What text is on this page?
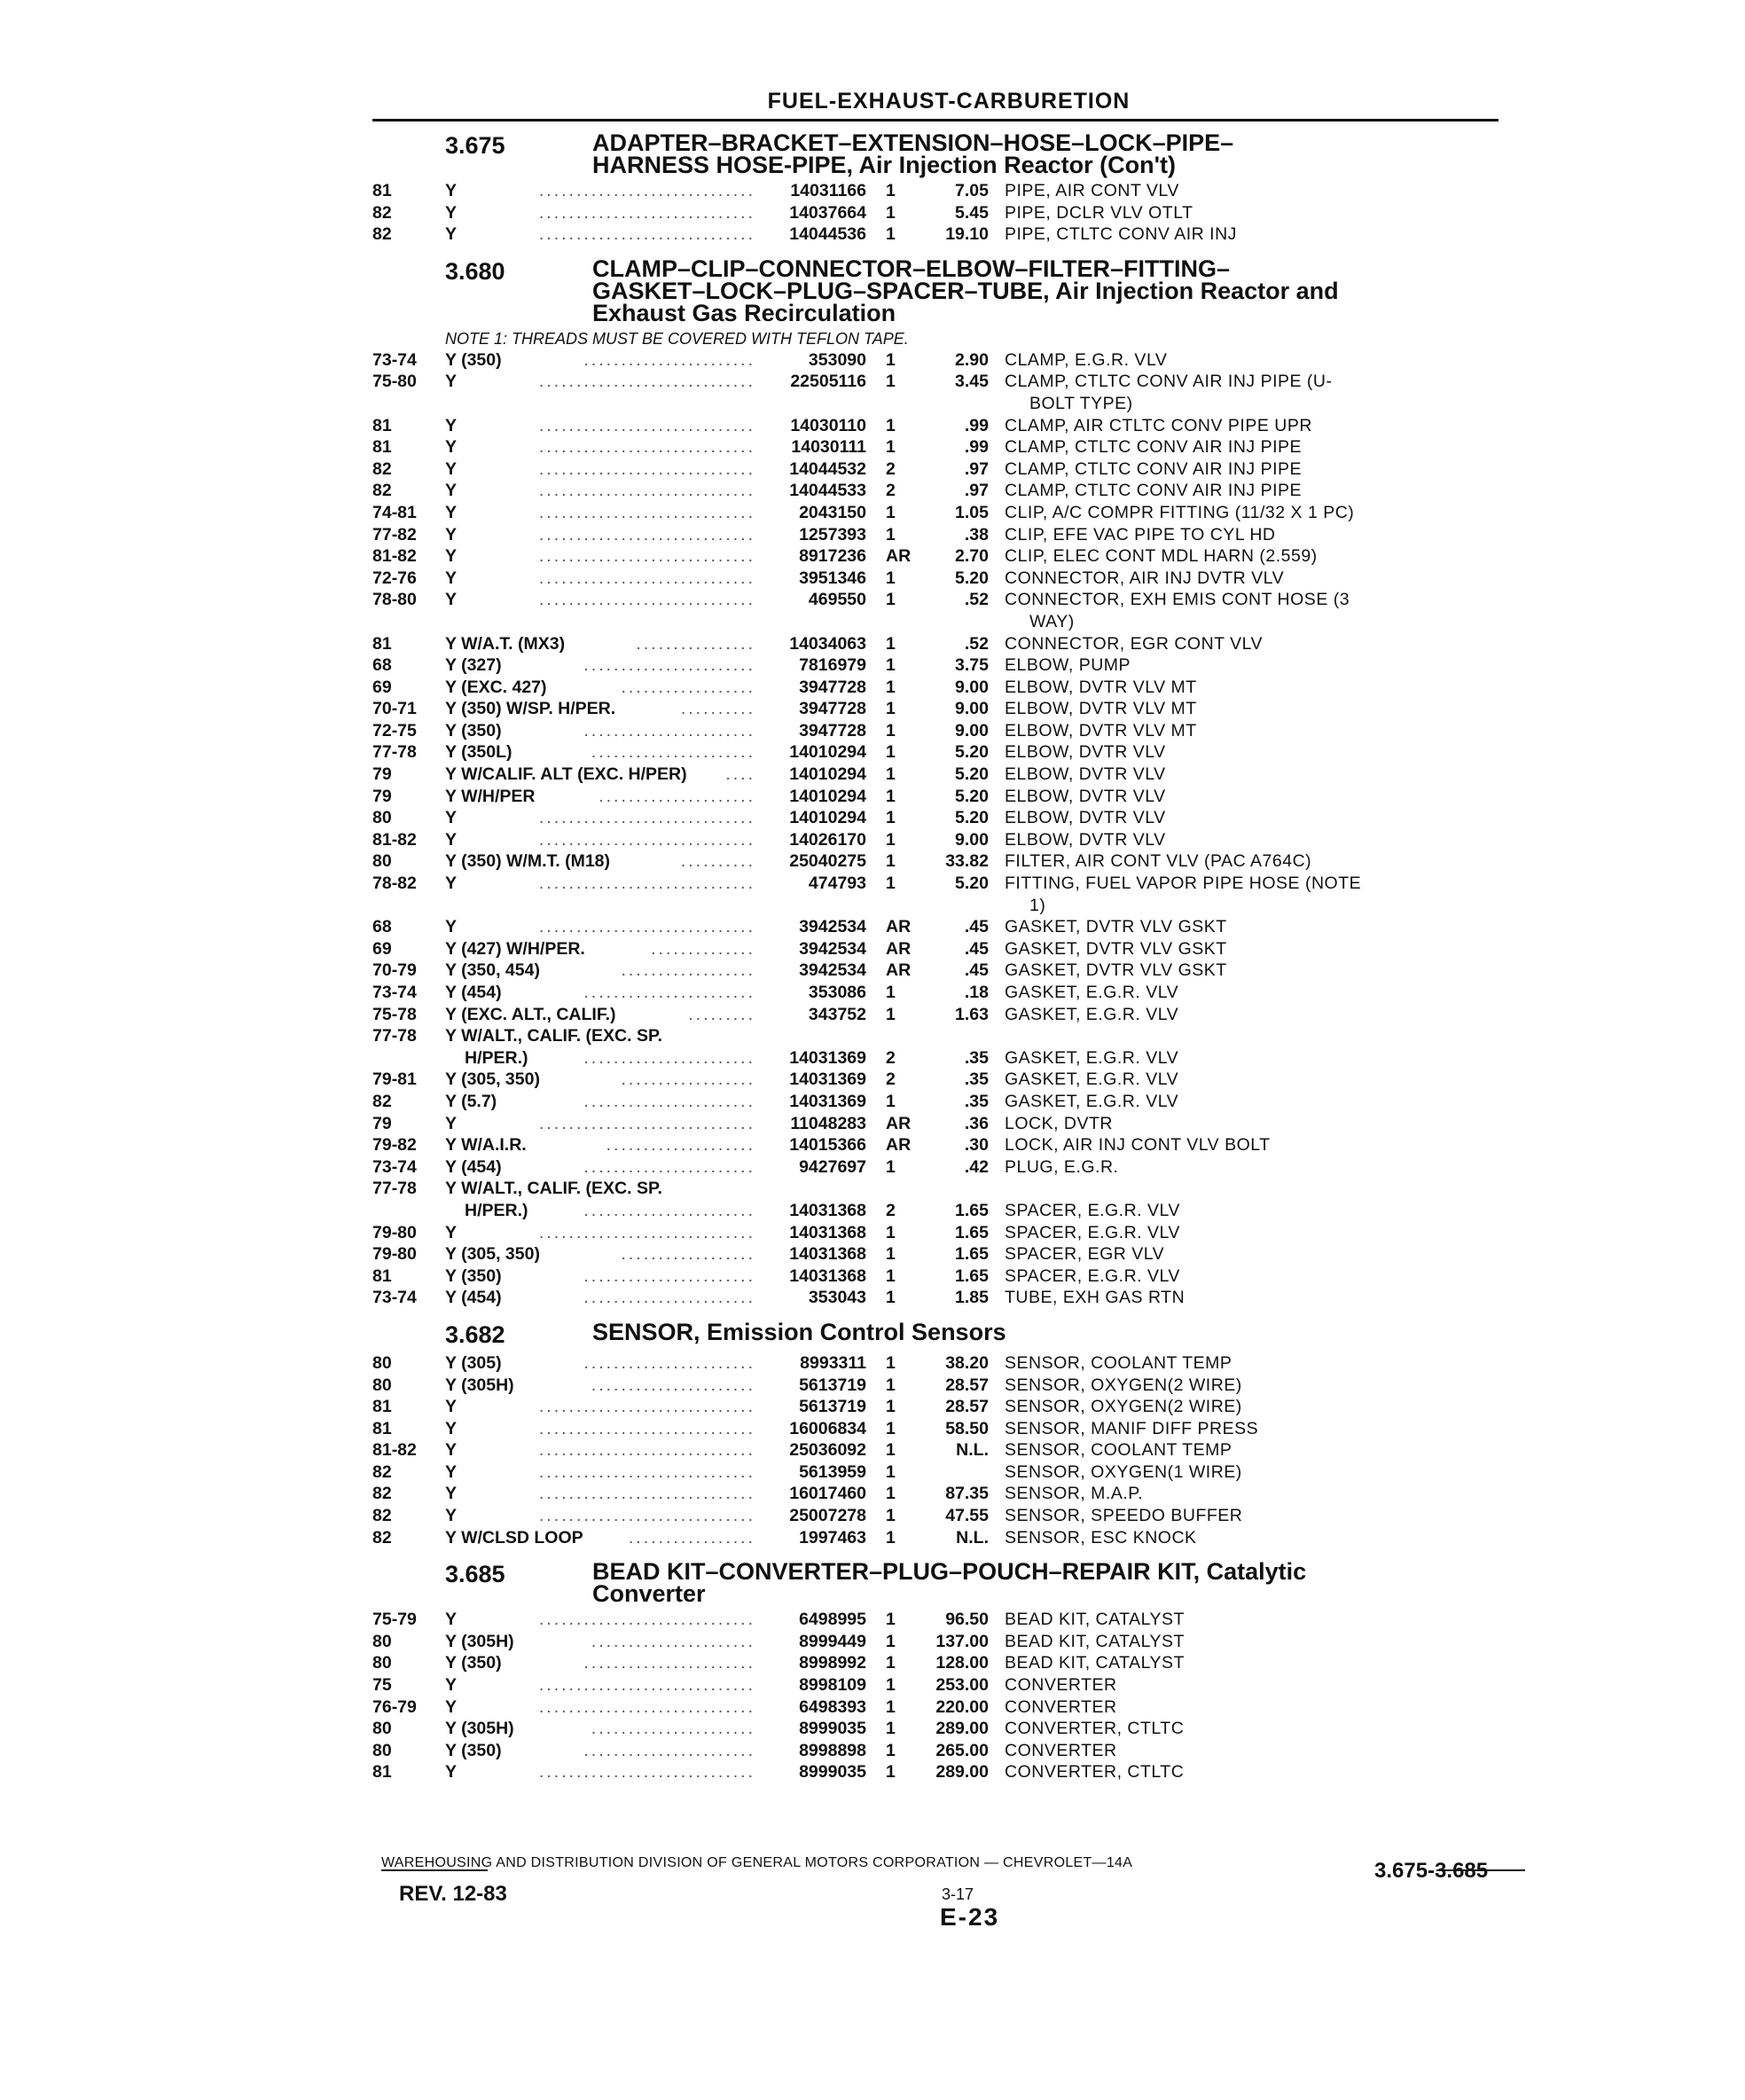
FUEL-EXHAUST-CARBURETION
3.675	ADAPTER–BRACKET–EXTENSION–HOSE–LOCK–PIPE–
HARNESS HOSE-PIPE, Air Injection Reactor (Con't)
81	Y	.............................	14031166	1	7.05 PIPE, AIR CONT VLV
82	Y	.............................	14037664	1	5.45 PIPE, DCLR VLV OTLT
82	Y	.............................	14044536	1	19.10 PIPE, CTLTC CONV AIR INJ
3.680	CLAMP–CLIP–CONNECTOR–ELBOW–FILTER–FITTING–
GASKET–LOCK–PLUG–SPACER–TUBE, Air Injection Reactor and
Exhaust Gas Recirculation
NOTE 1: THREADS MUST BE COVERED WITH TEFLON TAPE.
73-74	Y (350)	.......................	353090	1	2.90 CLAMP, E.G.R. VLV
75-80	Y	.............................	22505116	1	3.45 CLAMP, CTLTC CONV AIR INJ PIPE (U-
BOLT TYPE)
81	Y	.............................	14030110	1	.99 CLAMP, AIR CTLTC CONV PIPE UPR
81	Y	.............................	14030111	1	.99 CLAMP, CTLTC CONV AIR INJ PIPE
82	Y	.............................	14044532	2	.97 CLAMP, CTLTC CONV AIR INJ PIPE
82	Y	.............................	14044533	2	.97 CLAMP, CTLTC CONV AIR INJ PIPE
74-81	Y	.............................	2043150	1	1.05 CLIP, A/C COMPR FITTING (11/32 X 1 PC)
77-82	Y	.............................	1257393	1	.38 CLIP, EFE VAC PIPE TO CYL HD
81-82	Y	.............................	8917236	AR	2.70 CLIP, ELEC CONT MDL HARN (2.559)
72-76	Y	.............................	3951346	1	5.20 CONNECTOR, AIR INJ DVTR VLV
78-80	Y	.............................	469550	1	.52 CONNECTOR, EXH EMIS CONT HOSE (3
WAY)
81	Y W/A.T. (MX3)	................	14034063	1	.52 CONNECTOR, EGR CONT VLV
68	Y (327)	.......................	7816979	1	3.75 ELBOW, PUMP
69	Y (EXC. 427)	..................	3947728	1	9.00 ELBOW, DVTR VLV MT
70-71	Y (350) W/SP. H/PER.	..........	3947728	1	9.00 ELBOW, DVTR VLV MT
72-75	Y (350)	.......................	3947728	1	9.00 ELBOW, DVTR VLV MT
77-78	Y (350L)	......................	14010294	1	5.20 ELBOW, DVTR VLV
79	Y W/CALIF. ALT (EXC. H/PER) ....	14010294	1	5.20 ELBOW, DVTR VLV
79	Y W/H/PER	.....................	14010294	1	5.20 ELBOW, DVTR VLV
80	Y	.............................	14010294	1	5.20 ELBOW, DVTR VLV
81-82	Y	.............................	14026170	1	9.00 ELBOW, DVTR VLV
80	Y (350) W/M.T. (M18)	..........	25040275	1	33.82 FILTER, AIR CONT VLV (PAC A764C)
78-82	Y	.............................	474793	1	5.20 FITTING, FUEL VAPOR PIPE HOSE (NOTE
1)
68	Y	.............................	3942534	AR	.45 GASKET, DVTR VLV GSKT
69	Y (427) W/H/PER.	..............	3942534	AR	.45 GASKET, DVTR VLV GSKT
70-79	Y (350, 454)	..................	3942534	AR	.45 GASKET, DVTR VLV GSKT
73-74	Y (454)	.......................	353086	1	.18 GASKET, E.G.R. VLV
75-78	Y (EXC. ALT., CALIF.)	.........	343752	1	1.63 GASKET, E.G.R. VLV
77-78	Y W/ALT., CALIF. (EXC. SP.
H/PER.)	.......................	14031369	2	.35 GASKET, E.G.R. VLV
79-81	Y (305, 350)	..................	14031369	2	.35 GASKET, E.G.R. VLV
82	Y (5.7)	.......................	14031369	1	.35 GASKET, E.G.R. VLV
79	Y	.............................	11048283	AR	.36 LOCK, DVTR
79-82	Y W/A.I.R.	....................	14015366	AR	.30 LOCK, AIR INJ CONT VLV BOLT
73-74	Y (454)	.......................	9427697	1	.42 PLUG, E.G.R.
77-78	Y W/ALT., CALIF. (EXC. SP.
H/PER.)	.......................	14031368	2	1.65 SPACER, E.G.R. VLV
79-80	Y	.............................	14031368	1	1.65 SPACER, E.G.R. VLV
79-80	Y (305, 350)	..................	14031368	1	1.65 SPACER, EGR VLV
81	Y (350)	.......................	14031368	1	1.65 SPACER, E.G.R. VLV
73-74	Y (454)	.......................	353043	1	1.85 TUBE, EXH GAS RTN
3.682	SENSOR, Emission Control Sensors
80	Y (305)	.......................	8993311	1	38.20 SENSOR, COOLANT TEMP
80	Y (305H)	......................	5613719	1	28.57 SENSOR, OXYGEN(2 WIRE)
81	Y	.............................	5613719	1	28.57 SENSOR, OXYGEN(2 WIRE)
81	Y	.............................	16006834	1	58.50 SENSOR, MANIF DIFF PRESS
81-82	Y	.............................	25036092	1	N.L. SENSOR, COOLANT TEMP
82	Y	.............................	5613959	1	SENSOR, OXYGEN(1 WIRE)
82	Y	.............................	16017460	1	87.35 SENSOR, M.A.P.
82	Y	.............................	25007278	1	47.55 SENSOR, SPEEDO BUFFER
82	Y W/CLSD LOOP	.................	1997463	1	N.L. SENSOR, ESC KNOCK
3.685	BEAD KIT–CONVERTER–PLUG–POUCH–REPAIR KIT, Catalytic
Converter
75-79	Y	.............................	6498995	1	96.50 BEAD KIT, CATALYST
80	Y (305H)	......................	8999449	1	137.00 BEAD KIT, CATALYST
80	Y (350)	.......................	8998992	1	128.00 BEAD KIT, CATALYST
75	Y	.............................	8998109	1	253.00 CONVERTER
76-79	Y	.............................	6498393	1	220.00 CONVERTER
80	Y (305H)	......................	8999035	1	289.00 CONVERTER, CTLTC
80	Y (350)	.......................	8998898	1	265.00 CONVERTER
81	Y	.............................	8999035	1	289.00 CONVERTER, CTLTC
WAREHOUSING AND DISTRIBUTION DIVISION OF GENERAL MOTORS CORPORATION — CHEVROLET—14A	3.675-3.685
REV. 12-83	3-17
E-23
